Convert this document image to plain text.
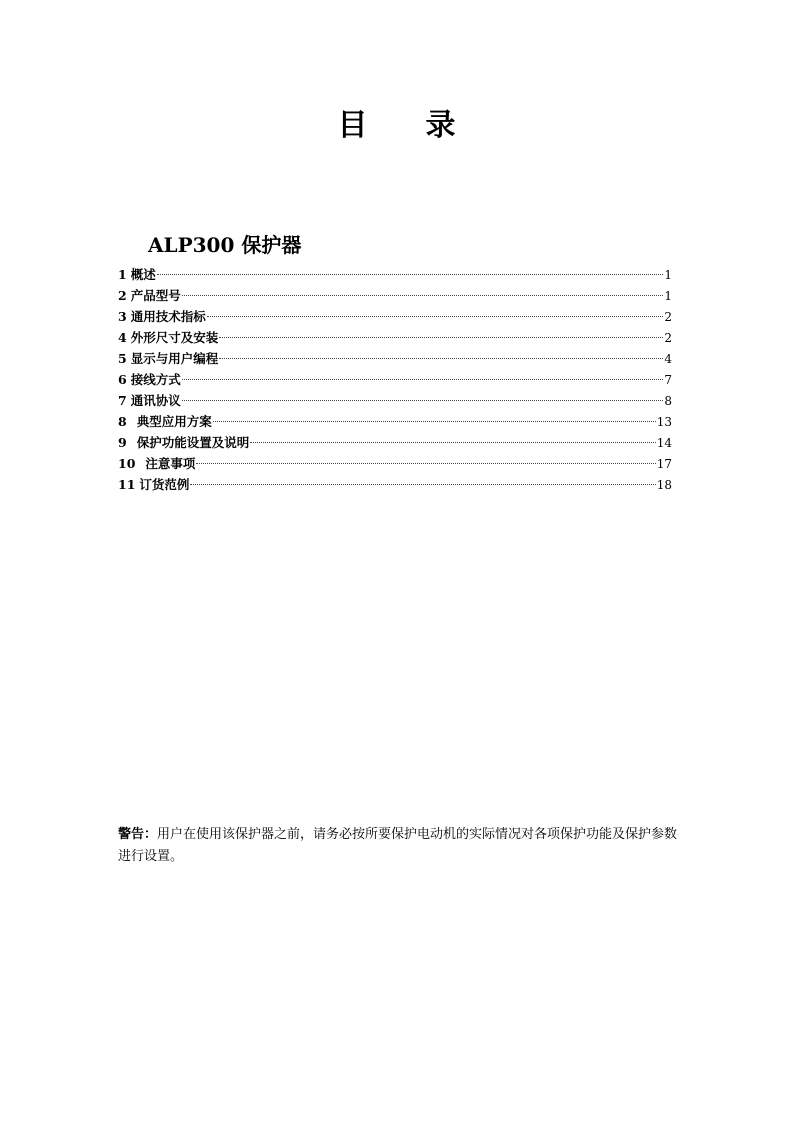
目 录
ALP300 保护器
1 概述	1
2 产品型号	1
3 通用技术指标	2
4 外形尺寸及安装	2
5 显示与用户编程	4
6 接线方式	7
7 通讯协议	8
8 典型应用方案	13
9 保护功能设置及说明	14
10 注意事项	17
11 订货范例	18
警告：用户在使用该保护器之前，请务必按所要保护电动机的实际情况对各项保护功能及保护参数进行设置。
